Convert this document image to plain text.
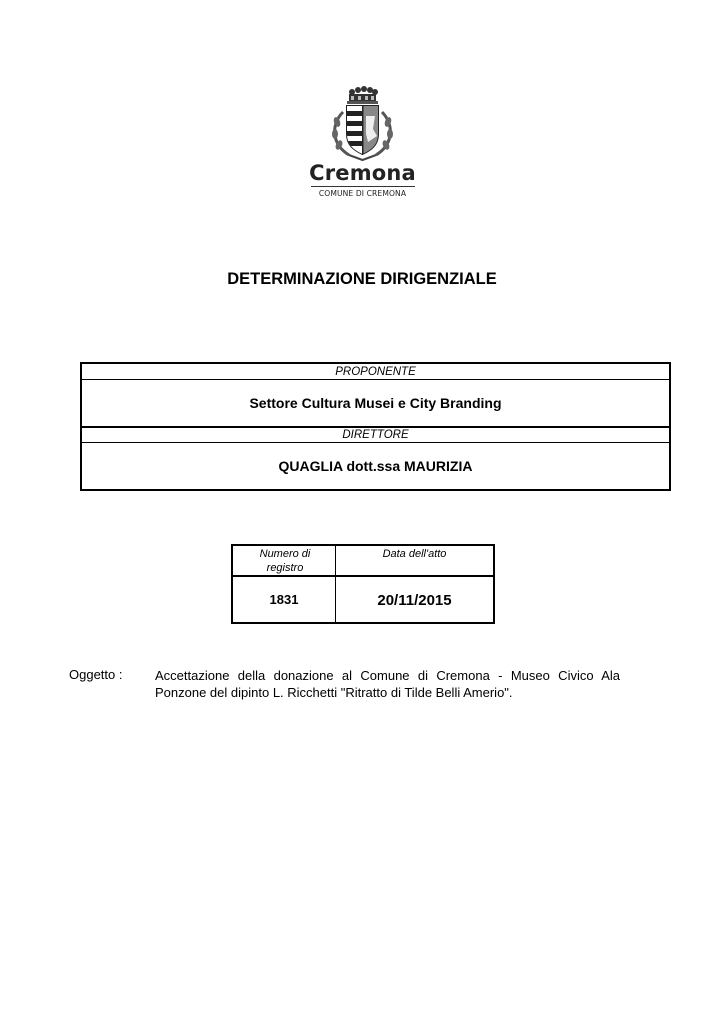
Cremona
COMUNE DI CREMONA
DETERMINAZIONE DIRIGENZIALE
PROPONENTE
Settore Cultura Musei e City Branding
DIRETTORE
QUAGLIA dott.ssa MAURIZIA
Numero di registro
Data dell'atto
1831	20/11/2015
Oggetto :	Accettazione della donazione al Comune di Cremona - Museo Civico Ala Ponzone del dipinto L. Ricchetti "Ritratto di Tilde Belli Amerio".
